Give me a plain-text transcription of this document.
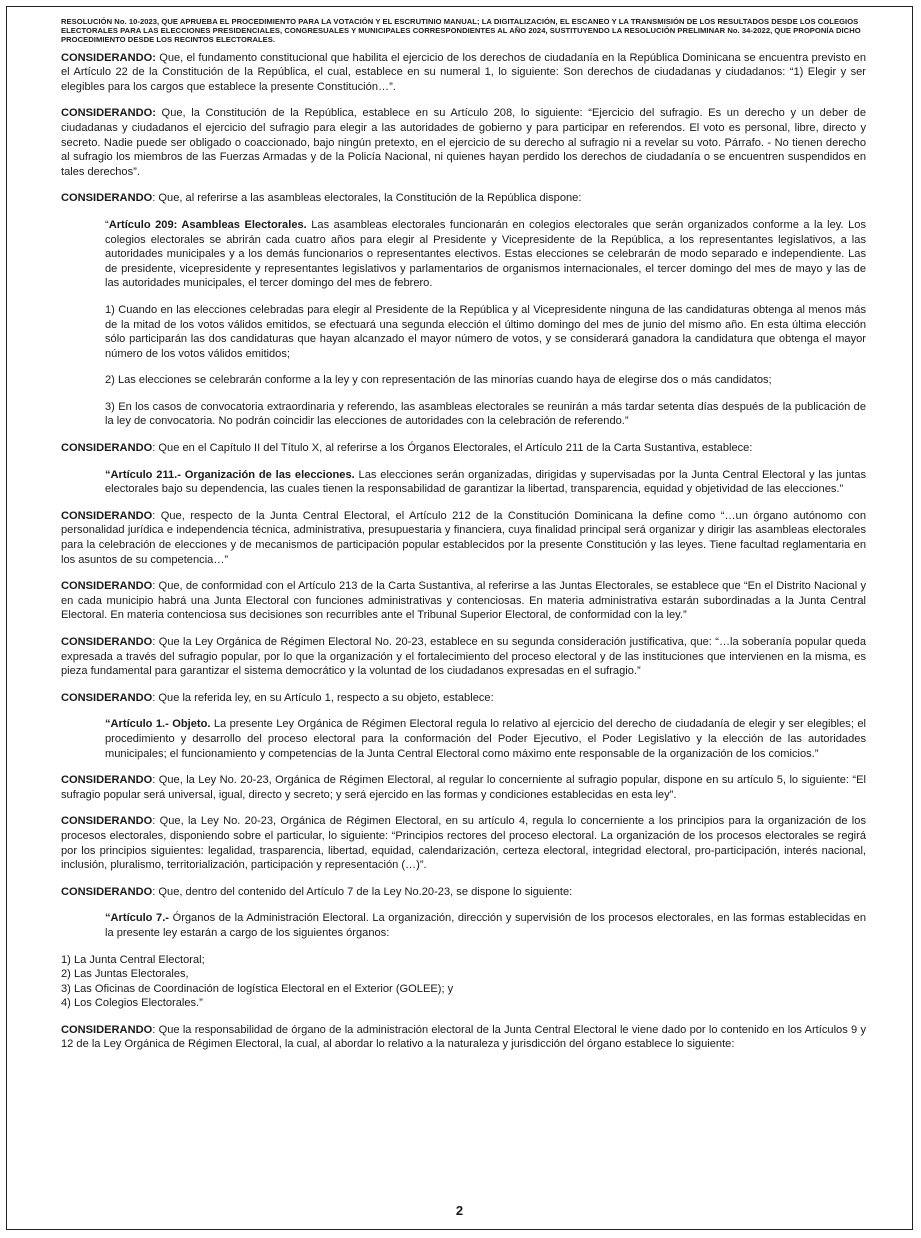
RESOLUCIÓN No. 10-2023, QUE APRUEBA EL PROCEDIMIENTO PARA LA VOTACIÓN Y EL ESCRUTINIO MANUAL; LA DIGITALIZACIÓN, EL ESCANEO Y LA TRANSMISIÓN DE LOS RESULTADOS DESDE LOS COLEGIOS ELECTORALES PARA LAS ELECCIONES PRESIDENCIALES, CONGRESUALES Y MUNICIPALES CORRESPONDIENTES AL AÑO 2024, SUSTITUYENDO LA RESOLUCIÓN PRELIMINAR No. 34-2022, QUE PROPONÍA DICHO PROCEDIMIENTO DESDE LOS RECINTOS ELECTORALES.

CONSIDERANDO: Que, el fundamento constitucional que habilita el ejercicio de los derechos de ciudadanía en la República Dominicana se encuentra previsto en el Artículo 22 de la Constitución de la República, el cual, establece en su numeral 1, lo siguiente: Son derechos de ciudadanas y ciudadanos: “1) Elegir y ser elegibles para los cargos que establece la presente Constitución…”.

CONSIDERANDO: Que, la Constitución de la República, establece en su Artículo 208, lo siguiente: “Ejercicio del sufragio. Es un derecho y un deber de ciudadanas y ciudadanos el ejercicio del sufragio para elegir a las autoridades de gobierno y para participar en referendos. El voto es personal, libre, directo y secreto. Nadie puede ser obligado o coaccionado, bajo ningún pretexto, en el ejercicio de su derecho al sufragio ni a revelar su voto. Párrafo. - No tienen derecho al sufragio los miembros de las Fuerzas Armadas y de la Policía Nacional, ni quienes hayan perdido los derechos de ciudadanía o se encuentren suspendidos en tales derechos”.

CONSIDERANDO: Que, al referirse a las asambleas electorales, la Constitución de la República dispone:

“Artículo 209: Asambleas Electorales. Las asambleas electorales funcionarán en colegios electorales que serán organizados conforme a la ley. Los colegios electorales se abrirán cada cuatro años para elegir al Presidente y Vicepresidente de la República, a los representantes legislativos, a las autoridades municipales y a los demás funcionarios o representantes electivos. Estas elecciones se celebrarán de modo separado e independiente. Las de presidente, vicepresidente y representantes legislativos y parlamentarios de organismos internacionales, el tercer domingo del mes de mayo y las de las autoridades municipales, el tercer domingo del mes de febrero.

1) Cuando en las elecciones celebradas para elegir al Presidente de la República y al Vicepresidente ninguna de las candidaturas obtenga al menos más de la mitad de los votos válidos emitidos, se efectuará una segunda elección el último domingo del mes de junio del mismo año. En esta última elección sólo participarán las dos candidaturas que hayan alcanzado el mayor número de votos, y se considerará ganadora la candidatura que obtenga el mayor número de los votos válidos emitidos;

2) Las elecciones se celebrarán conforme a la ley y con representación de las minorías cuando haya de elegirse dos o más candidatos;

3) En los casos de convocatoria extraordinaria y referendo, las asambleas electorales se reunirán a más tardar setenta días después de la publicación de la ley de convocatoria. No podrán coincidir las elecciones de autoridades con la celebración de referendo.”

CONSIDERANDO: Que en el Capítulo II del Título X, al referirse a los Órganos Electorales, el Artículo 211 de la Carta Sustantiva, establece:

“Artículo 211.- Organización de las elecciones. Las elecciones serán organizadas, dirigidas y supervisadas por la Junta Central Electoral y las juntas electorales bajo su dependencia, las cuales tienen la responsabilidad de garantizar la libertad, transparencia, equidad y objetividad de las elecciones.”

CONSIDERANDO: Que, respecto de la Junta Central Electoral, el Artículo 212 de la Constitución Dominicana la define como “…un órgano autónomo con personalidad jurídica e independencia técnica, administrativa, presupuestaria y financiera, cuya finalidad principal será organizar y dirigir las asambleas electorales para la celebración de elecciones y de mecanismos de participación popular establecidos por la presente Constitución y las leyes. Tiene facultad reglamentaria en los asuntos de su competencia…”

CONSIDERANDO: Que, de conformidad con el Artículo 213 de la Carta Sustantiva, al referirse a las Juntas Electorales, se establece que “En el Distrito Nacional y en cada municipio habrá una Junta Electoral con funciones administrativas y contenciosas. En materia administrativa estarán subordinadas a la Junta Central Electoral. En materia contenciosa sus decisiones son recurribles ante el Tribunal Superior Electoral, de conformidad con la ley.”

CONSIDERANDO: Que la Ley Orgánica de Régimen Electoral No. 20-23, establece en su segunda consideración justificativa, que: “…la soberanía popular queda expresada a través del sufragio popular, por lo que la organización y el fortalecimiento del proceso electoral y de las instituciones que intervienen en la misma, es pieza fundamental para garantizar el sistema democrático y la voluntad de los ciudadanos expresadas en el sufragio.”

CONSIDERANDO: Que la referida ley, en su Artículo 1, respecto a su objeto, establece:

“Artículo 1.- Objeto. La presente Ley Orgánica de Régimen Electoral regula lo relativo al ejercicio del derecho de ciudadanía de elegir y ser elegibles; el procedimiento y desarrollo del proceso electoral para la conformación del Poder Ejecutivo, el Poder Legislativo y la elección de las autoridades municipales; el funcionamiento y competencias de la Junta Central Electoral como máximo ente responsable de la organización de los comicios.”

CONSIDERANDO: Que, la Ley No. 20-23, Orgánica de Régimen Electoral, al regular lo concerniente al sufragio popular, dispone en su artículo 5, lo siguiente: “El sufragio popular será universal, igual, directo y secreto; y será ejercido en las formas y condiciones establecidas en esta ley”.

CONSIDERANDO: Que, la Ley No. 20-23, Orgánica de Régimen Electoral, en su artículo 4, regula lo concerniente a los principios para la organización de los procesos electorales, disponiendo sobre el particular, lo siguiente: “Principios rectores del proceso electoral. La organización de los procesos electorales se regirá por los principios siguientes: legalidad, trasparencia, libertad, equidad, calendarización, certeza electoral, integridad electoral, pro-participación, interés nacional, inclusión, pluralismo, territorialización, participación y representación (…)”.

CONSIDERANDO: Que, dentro del contenido del Artículo 7 de la Ley No.20-23, se dispone lo siguiente:

“Artículo 7.- Órganos de la Administración Electoral. La organización, dirección y supervisión de los procesos electorales, en las formas establecidas en la presente ley estarán a cargo de los siguientes órganos:

1) La Junta Central Electoral;

2) Las Juntas Electorales,

3) Las Oficinas de Coordinación de logística Electoral en el Exterior (GOLEE); y

4) Los Colegios Electorales.”

CONSIDERANDO: Que la responsabilidad de órgano de la administración electoral de la Junta Central Electoral le viene dado por lo contenido en los Artículos 9 y 12 de la Ley Orgánica de Régimen Electoral, la cual, al abordar lo relativo a la naturaleza y jurisdicción del órgano establece lo siguiente:

2
